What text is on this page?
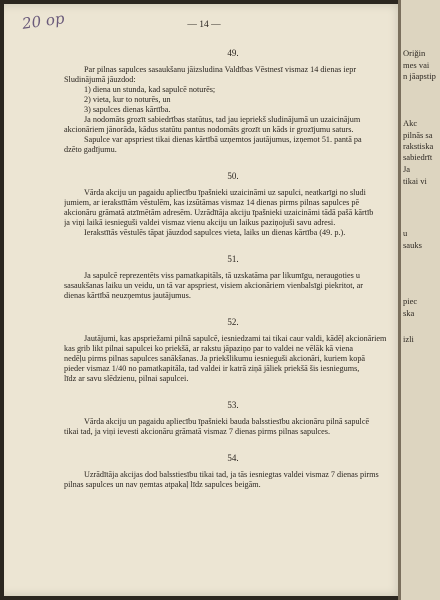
20 op	— 14 —
49.
Par pilnas sapulces sasaukšanu jāizsludina Valdības Vēstnesī vismaz 14 dienas iepr
Sludinājumā jāuzdod:
1) diena un stunda, kad sapulcē noturēs;
2) vieta, kur to noturēs, un
3) sapulces dienas kārtība.
Ja nodomāts grozīt sabiedrības statūtus, tad jau iepriekš sludinājumā un uzaicinājum
akcionāriem jānorāda, kādus statūtu pantus nodomāts grozīt un kāds ir grozījumu saturs.
Sapulce var apspriest tikai dienas kārtībā uzņemtos jautājumus, izņemot 51. pantā pa
dzēto gadījumu.
50.
Vārda akciju un pagaidu apliecību īpašnieki uzaicināmi uz sapulci, neatkarīgi no sludi
jumiem, ar ierakstītām vēstulēm, kas izsūtāmas vismaz 14 dienas pirms pilnas sapulces pē
akcionāru grāmatā atzīmētām adresēm. Uzrādītāja akciju īpašnieki uzaicināmi tādā pašā kārtīb
ja viņi laikā iesnieguši valdei vismaz vienu akciju un laikus paziņojuši savu adresi.
Ierakstītās vēstulēs tāpat jāuzdod sapulces vieta, laiks un dienas kārtība (49. p.).
51.
Ja sapulcē reprezentēts viss pamatkapitāls, tā uzskatāma par likumīgu, neraugoties u
sasaukšanas laiku un veidu, un tā var apspriest, visiem akcionāriem vienbalsīgi piekritot, ar
dienas kārtībā neuzņemtus jautājumus.
52.
Jautājumi, kas apspriežami pilnā sapulcē, iesniedzami tai tikai caur valdi, kādēļ akcionāriem
kas grib likt pilnai sapulcei ko priekšā, ar rakstu jāpaziņo par to valdei ne vēlāk kā viena
nedēļu pirms pilnas sapulces sanākšanas. Ja priekšlikumu iesnieguši akcionāri, kuriem kopā
pieder vismaz 1/40 no pamatkapitāla, tad valdei ir katrā ziņā jāliek priekšā šis iesniegums,
līdz ar savu slēdzienu, pilnai sapulcei.
53.
Vārda akciju un pagaidu apliecību īpašnieki bauda balsstiesību akcionāru pilnā sapulcē
tikai tad, ja viņi ievesti akcionāru grāmatā vismaz 7 dienas pirms pilnas sapulces.
54.
Uzrādītāja akcijas dod balsstiesību tikai tad, ja tās iesniegtas valdei vismaz 7 dienas pirms
pilnas sapulces un nav ņemtas atpakaļ līdz sapulces beigām.
Oriğin
mes vai
n jāapstip
Akc
pilnās sa
rakstiska
sabiedrīt
Ja
tikai vi
u
sauks
piec
ska
izli
